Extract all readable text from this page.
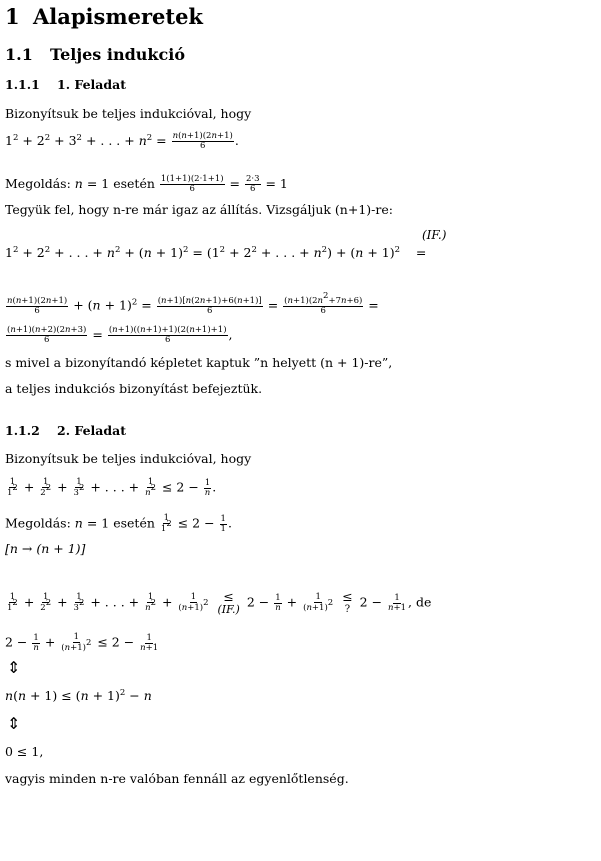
1 Alapismeretek
1.1 Teljes indukció
1.1.1 1. Feladat
Bizonyítsuk be teljes indukcióval, hogy
$1^2 + 2^2 + 3^2$ + . . . + $n^2 = \frac{n(n+1)(2n+1)}{6}$ .
Megoldás: n = 1 esetén $\frac{1(1+1)(2\cdot 1+1)}{6} = \frac{2\cdot 3}{6} = 1$
Tegyük fel, hogy n-re már igaz az állítás. Vizsgáljuk (n+1)-re:
(IF.)
$1^2 + 2^2$ + . . . + $n^2 + (n + 1)^2 = (1^2 + 2^2$ + . . . + $n^2) + (n + 1)^2$    =
$\frac{n(n+1)(2n+1)}{6} + (n + 1)^2 = \frac{(n+1)[n(2n+1)+6(n+1)]}{6} = \frac{(n+1)(2n^2+7n+6)}{6}$ =
$\frac{(n+1)(n+2)(2n+3)}{6} = \frac{(n+1)((n+1)+1)(2(n+1)+1)}{6}$ ,
s mivel a bizonyítandó képletet kaptuk ”n helyett (n + 1)-re”,
a teljes indukciós bizonyítást befejeztük.
1.1.2 2. Feladat
Bizonyítsuk be teljes indukcióval, hogy
$\frac{1}{1^2} + \frac{1}{2^2} + \frac{1}{3^2}$ + . . . + $\frac{1}{n^2} \le 2 - \frac{1}{n}$ .
Megoldás: n = 1 esetén $\frac{1}{1^2} \le 2 - \frac{1}{1}$ .
[n → (n + 1)]
$\frac{1}{1^2} + \frac{1}{2^2} + \frac{1}{3^2}$ + . . . + $\frac{1}{n^2} + \frac{1}{(n+1)^2}$
≤
(IF.) $2 - \frac{1}{n} + \frac{1}{(n+1)^2}$
≤
? $2 - \frac{1}{n+1}$ , de
$2 - \frac{1}{n} + \frac{1}{(n+1)^2} \le 2 - \frac{1}{n+1}$
⇕
$n(n + 1) \le (n + 1)^2 - n$
⇕
0 ≤ 1,
vagyis minden n-re valóban fennáll az egyenlőtlenség.
